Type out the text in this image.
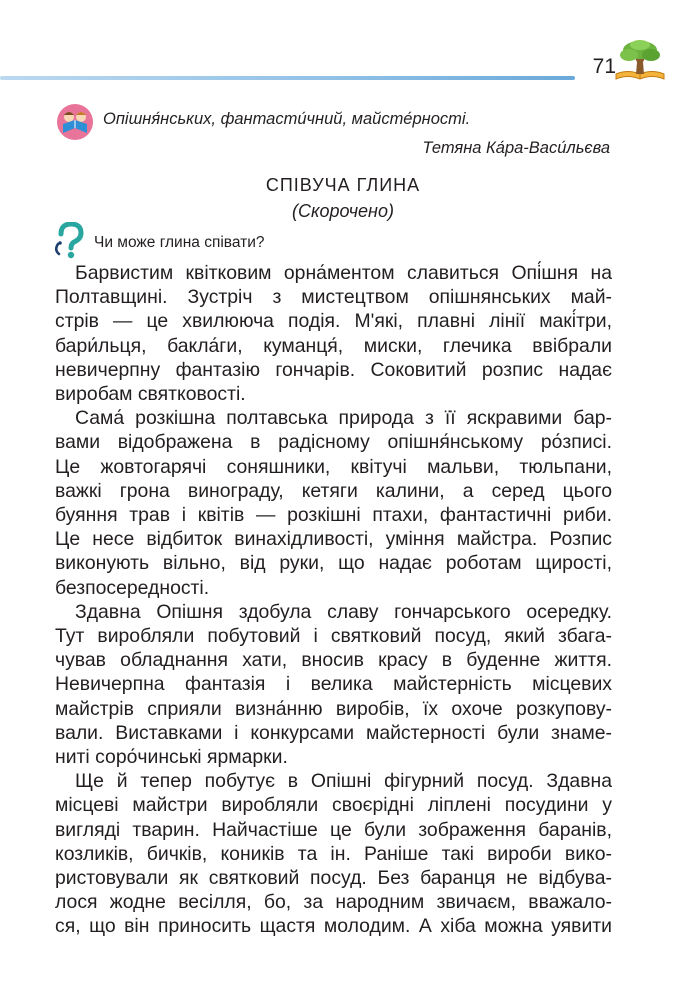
71
Опішня́нських, фантасти́чний, майсте́рності.
Тетяна Ка́ра-Васи́льєва
СПІВУЧА ГЛИНА
(Скорочено)
Чи може глина співати?
Барвистим квітковим орна́ментом славиться Опі́шня на
Полтавщині. Зустріч з мистецтвом опішнянських май-
стрів — це хвилююча подія. М'які, плавні лінії макі́три,
бари́льця, бакла́ги, куманця́, миски, глечика ввібрали
невичерпну фантазію гончарів. Соковитий розпис надає
виробам святковості.
Сама́ розкішна полтавська природа з її яскравими бар-
вами відображена в радісному опішня́нському ро́зписі.
Це жовтогарячі соняшники, квітучі мальви, тюльпани,
важкі грона винограду, кетяги калини, а серед цього
буяння трав і квітів — розкішні птахи, фантастичні риби.
Це несе відбиток винахідливості, уміння майстра. Розпис
виконують вільно, від руки, що надає роботам щирості,
безпосередності.
Здавна Опішня здобула славу гончарського осередку.
Тут виробляли побутовий і святковий посуд, який збага-
чував обладнання хати, вносив красу в буденне життя.
Невичерпна фантазія і велика майстерність місцевих
майстрів сприяли визна́нню виробів, їх охоче розкупову-
вали. Виставками і конкурсами майстерності були знаме-
ниті соро́чинські ярмарки.
Ще й тепер побутує в Опішні фігурний посуд. Здавна
місцеві майстри виробляли своєрідні ліплені посудини у
вигляді тварин. Найчастіше це були зображення баранів,
козликів, бичків, коників та ін. Раніше такі вироби вико-
ристовували як святковий посуд. Без баранця не відбува-
лося жодне весілля, бо, за народним звичаєм, вважало-
ся, що він приносить щастя молодим. А хіба можна уявити
